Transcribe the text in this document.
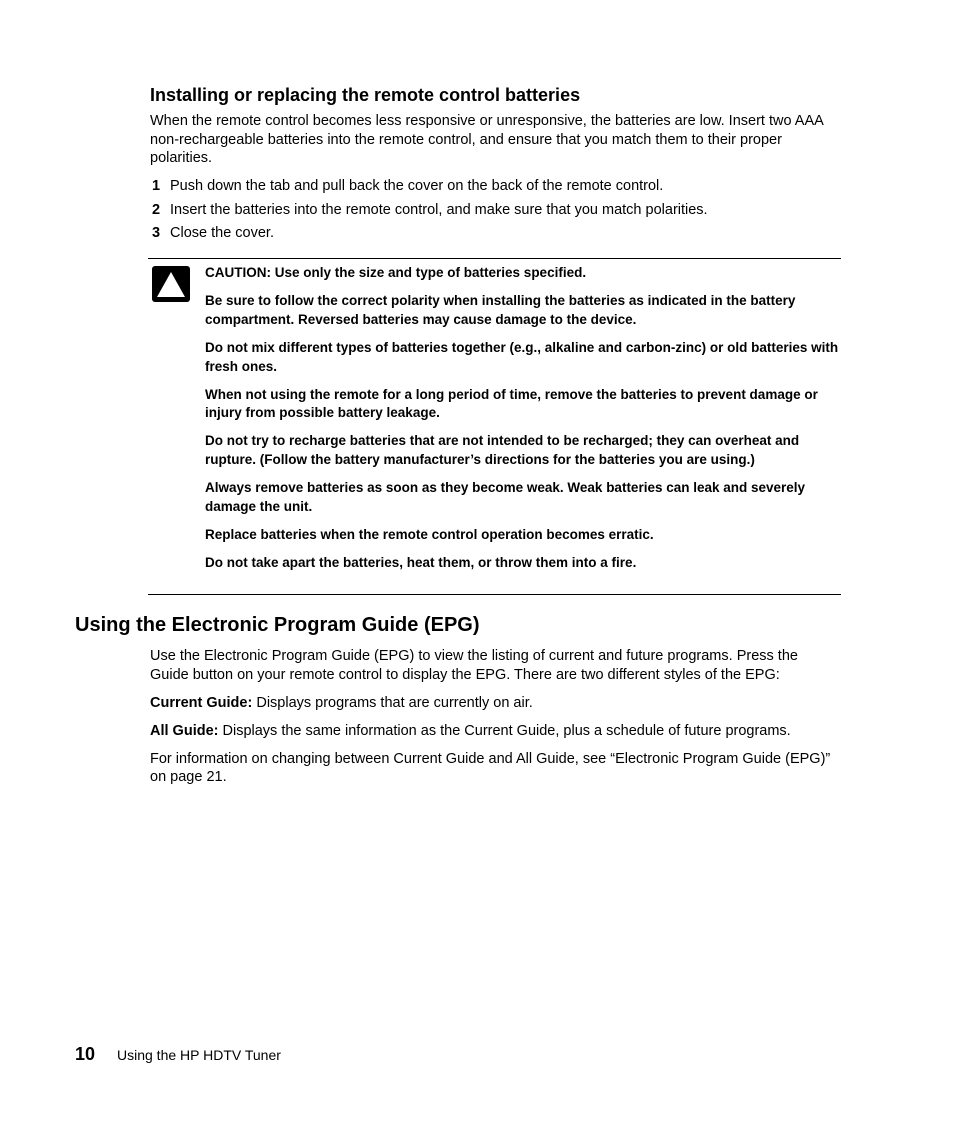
Installing or replacing the remote control batteries

When the remote control becomes less responsive or unresponsive, the batteries are low. Insert two AAA non-rechargeable batteries into the remote control, and ensure that you match them to their proper polarities.

1 Push down the tab and pull back the cover on the back of the remote control.
2 Insert the batteries into the remote control, and make sure that you match polarities.
3 Close the cover.
CAUTION: Use only the size and type of batteries specified.
Be sure to follow the correct polarity when installing the batteries as indicated in the battery compartment. Reversed batteries may cause damage to the device.
Do not mix different types of batteries together (e.g., alkaline and carbon-zinc) or old batteries with fresh ones.
When not using the remote for a long period of time, remove the batteries to prevent damage or injury from possible battery leakage.
Do not try to recharge batteries that are not intended to be recharged; they can overheat and rupture. (Follow the battery manufacturer’s directions for the batteries you are using.)
Always remove batteries as soon as they become weak. Weak batteries can leak and severely damage the unit.
Replace batteries when the remote control operation becomes erratic.
Do not take apart the batteries, heat them, or throw them into a fire.
Using the Electronic Program Guide (EPG)

Use the Electronic Program Guide (EPG) to view the listing of current and future programs. Press the Guide button on your remote control to display the EPG. There are two different styles of the EPG:

Current Guide: Displays programs that are currently on air.

All Guide: Displays the same information as the Current Guide, plus a schedule of future programs.

For information on changing between Current Guide and All Guide, see “Electronic Program Guide (EPG)” on page 21.

10 Using the HP HDTV Tuner
